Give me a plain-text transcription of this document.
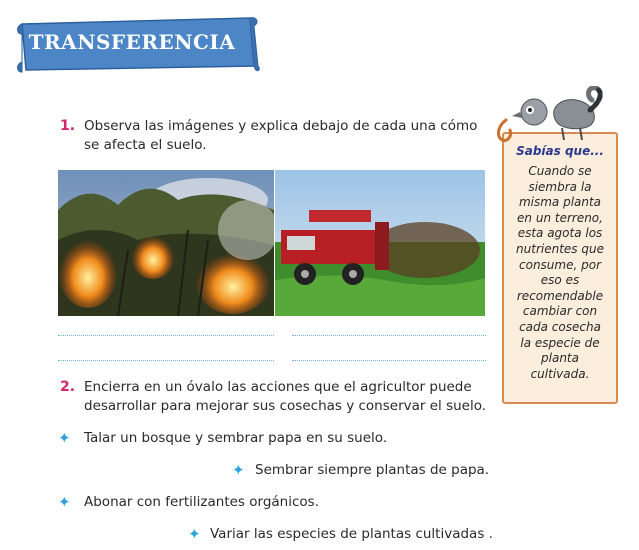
TRANSFERENCIA
1. Observa las imágenes y explica debajo de cada una cómo
se afecta el suelo.
2. Encierra en un óvalo las acciones que el agricultor puede
desarrollar para mejorar sus cosechas y conservar el suelo.
✦ Talar un bosque y sembrar papa en su suelo.
✦ Sembrar siempre plantas de papa.
✦ Abonar con fertilizantes orgánicos.
✦ Variar las especies de plantas cultivadas .
Sabías que...
Cuando se
siembra la
misma planta
en un terreno,
esta agota los
nutrientes que
consume, por
eso es
recomendable
cambiar con
cada cosecha
la especie de
planta
cultivada.
